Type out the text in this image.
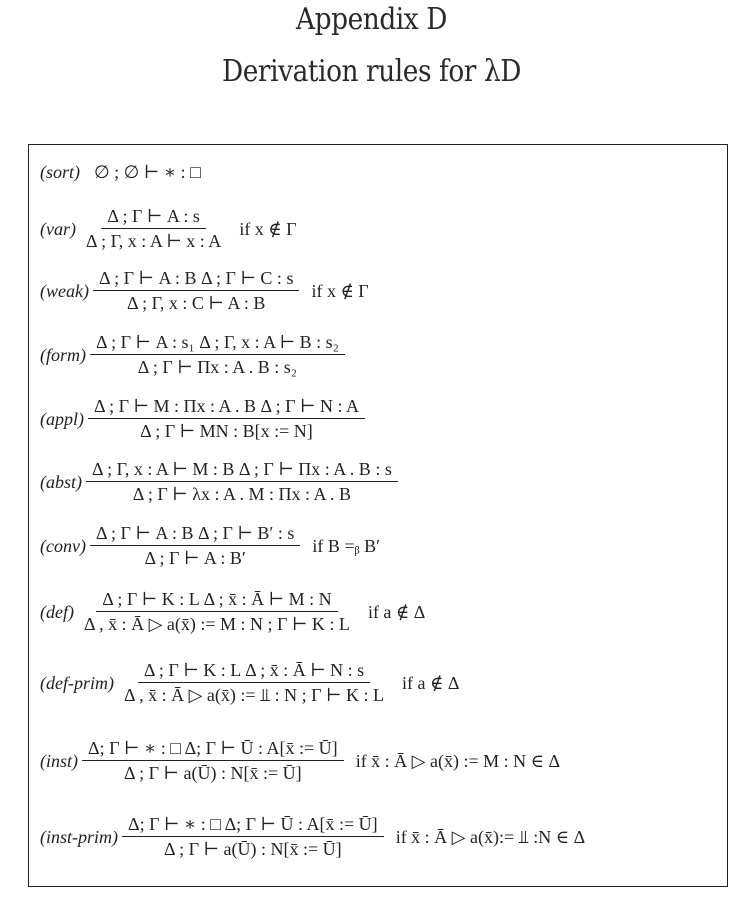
Appendix D
Derivation rules for λD
(sort) ∅ ; ∅ ⊢ ∗ : □
$(var) \frac{\Delta ; \Gamma ⊢ A : s}{\Delta ; \Gamma, x : A ⊢ x : A}$ if x ∉ Γ
(weak) $\frac{\text{Δ ; Γ ⊢ A : B Δ ; Γ ⊢ C : s}}{\Delta ; \Gamma, x : C ⊢ A : B}$ if x ∉ Γ
(form) $\frac{\text{Δ ; Γ ⊢ A : s₁ Δ ; Γ, x : A ⊢ B : s₂}}{\text{Δ ; Γ ⊢ Πx : A . B : s₂}}$
(appl) $\frac{\text{Δ ; Γ ⊢ M : Πx : A . B Δ ; Γ ⊢ N : A}}{\Delta ; \Gamma ⊢ MN : B[x := N]}$
(abst) $\frac{\text{Δ ; Γ, x : A ⊢ M : B Δ ; Γ ⊢ Πx : A . B : s}}{\Delta ; \Gamma ⊢ \lambda x : A . M : \Pi x : A . B}$
(conv) $\frac{\text{Δ ; Γ ⊢ A : B Δ ; Γ ⊢ B′ : s}}{\Delta ; \Gamma ⊢ A : B'}$ if B =ᵦ B′
$(def) \frac{\text{Δ ; Γ ⊢ K : L Δ ; x̄ : Ā ⊢ M : N}}{\Delta , x̄ : Ā ▷ a(x̄) := M : N ; \Gamma ⊢ K : L}$ if a ∉ Δ
(def-prim) $\frac{\text{Δ ; Γ ⊢ K : L Δ ; x̄ : Ā ⊢ N : s}}{\Delta , x̄ : Ā ▷ a(x̄) := ⫫ : N ; \Gamma ⊢ K : L}$ if a ∉ Δ
(inst) $\frac{\Delta; \Gamma ⊢ ∗ : □ \Delta; \Gamma ⊢ Ū : A[x̄ := Ū]}{\Delta ; \Gamma ⊢ a(Ū) : N[x̄ := Ū]}$ if x̄ : Ā ▷ a(x̄) := M : N ∈ Δ
(inst-prim) $\frac{\Delta; \Gamma ⊢ ∗ : □ \Delta; \Gamma ⊢ Ū : A[x̄ := Ū]}{\Delta ; \Gamma ⊢ a(Ū) : N[x̄ := Ū]}$ if x̄ : Ā ▷ a(x̄):= ⫫ :N ∈ Δ
